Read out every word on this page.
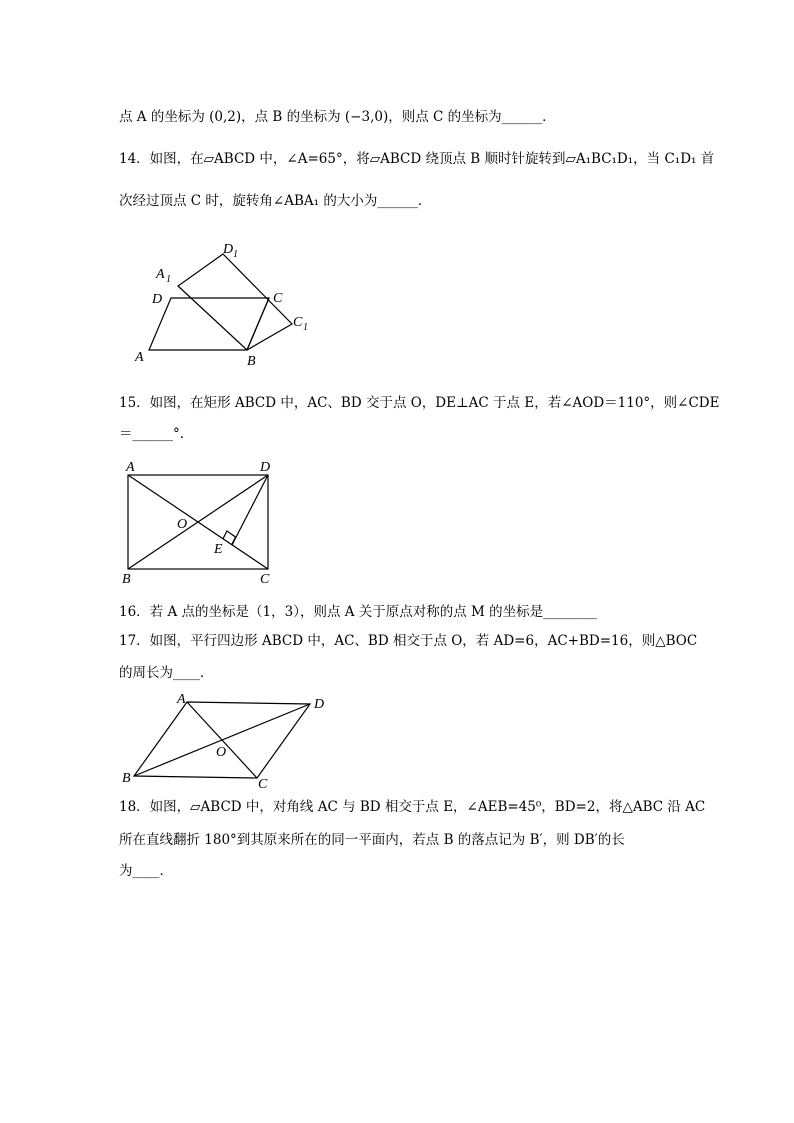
点 A 的坐标为 (0,2)，点 B 的坐标为 (−3,0)，则点 C 的坐标为______．
14．如图，在▱ABCD 中，∠A=65°，将▱ABCD 绕顶点 B 顺时针旋转到▱A₁BC₁D₁，当 C₁D₁ 首
次经过顶点 C 时，旋转角∠ABA₁ 的大小为______．
15．如图，在矩形 ABCD 中，AC、BD 交于点 O，DE⊥AC 于点 E，若∠AOD＝110°，则∠CDE
＝______°．
16．若 A 点的坐标是（1，3），则点 A 关于原点对称的点 M 的坐标是________
17．如图，平行四边形 ABCD 中，AC、BD 相交于点 O，若 AD=6，AC+BD=16，则△BOC
的周长为____．
18．如图，▱ABCD 中，对角线 AC 与 BD 相交于点 E，∠AEB=45⁰，BD=2，将△ABC 沿 AC
所在直线翻折 180°到其原来所在的同一平面内，若点 B 的落点记为 B′，则 DB′的长
为____．
A	B
C
D
A 1
C 1
D 1
A	D
O
E
B	C
A	D
O
B	C
